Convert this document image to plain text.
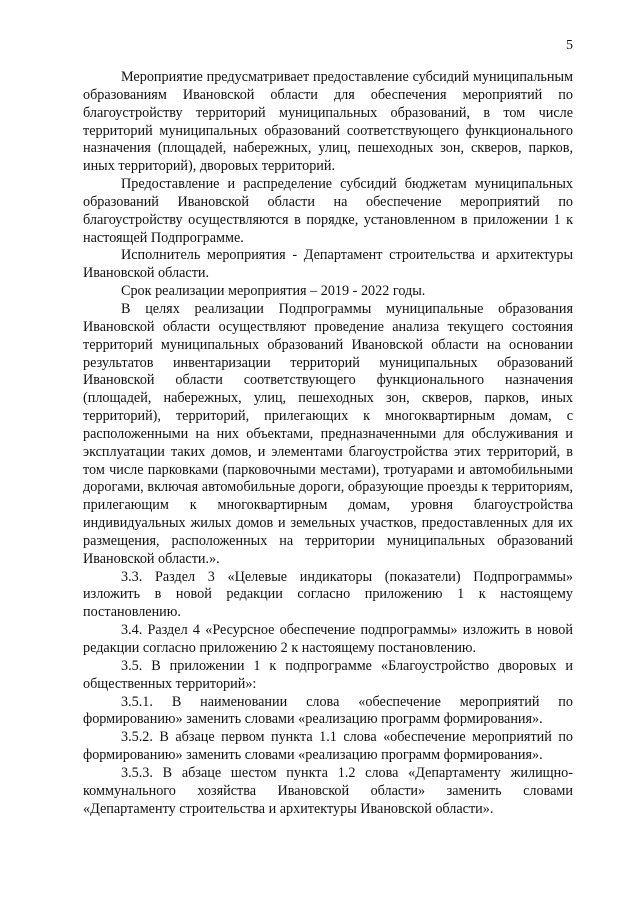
5

Мероприятие предусматривает предоставление субсидий муниципальным образованиям Ивановской области для обеспечения мероприятий по благоустройству территорий муниципальных образований, в том числе территорий муниципальных образований соответствующего функционального назначения (площадей, набережных, улиц, пешеходных зон, скверов, парков, иных территорий), дворовых территорий.

Предоставление и распределение субсидий бюджетам муниципальных образований Ивановской области на обеспечение мероприятий по благоустройству осуществляются в порядке, установленном в приложении 1 к настоящей Подпрограмме.

Исполнитель мероприятия - Департамент строительства и архитектуры Ивановской области.

Срок реализации мероприятия – 2019 - 2022 годы.

В целях реализации Подпрограммы муниципальные образования Ивановской области осуществляют проведение анализа текущего состояния территорий муниципальных образований Ивановской области на основании результатов инвентаризации территорий муниципальных образований Ивановской области соответствующего функционального назначения (площадей, набережных, улиц, пешеходных зон, скверов, парков, иных территорий), территорий, прилегающих к многоквартирным домам, с расположенными на них объектами, предназначенными для обслуживания и эксплуатации таких домов, и элементами благоустройства этих территорий, в том числе парковками (парковочными местами), тротуарами и автомобильными дорогами, включая автомобильные дороги, образующие проезды к территориям, прилегающим к многоквартирным домам, уровня благоустройства индивидуальных жилых домов и земельных участков, предоставленных для их размещения, расположенных на территории муниципальных образований Ивановской области.».

3.3. Раздел 3 «Целевые индикаторы (показатели) Подпрограммы» изложить в новой редакции согласно приложению 1 к настоящему постановлению.

3.4. Раздел 4 «Ресурсное обеспечение подпрограммы» изложить в новой редакции согласно приложению 2 к настоящему постановлению.

3.5. В приложении 1 к подпрограмме «Благоустройство дворовых и общественных территорий»:

3.5.1. В наименовании слова «обеспечение мероприятий по формированию» заменить словами «реализацию программ формирования».

3.5.2. В абзаце первом пункта 1.1 слова «обеспечение мероприятий по формированию» заменить словами «реализацию программ формирования».

3.5.3. В абзаце шестом пункта 1.2 слова «Департаменту жилищно-коммунального хозяйства Ивановской области» заменить словами «Департаменту строительства и архитектуры Ивановской области».
